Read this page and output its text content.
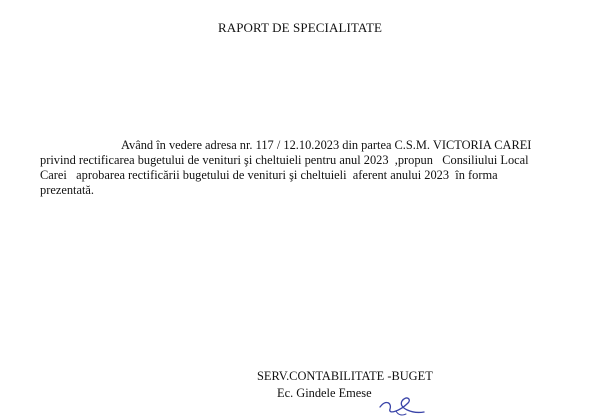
RAPORT DE SPECIALITATE
Având în vedere adresa nr. 117 / 12.10.2023 din partea C.S.M. VICTORIA CAREI
privind rectificarea bugetului de venituri şi cheltuieli pentru anul 2023  ,propun   Consiliului Local
Carei   aprobarea rectificării bugetului de venituri şi cheltuieli  aferent anului 2023  în forma
prezentată.
SERV.CONTABILITATE -BUGET
Ec. Gindele Emese
